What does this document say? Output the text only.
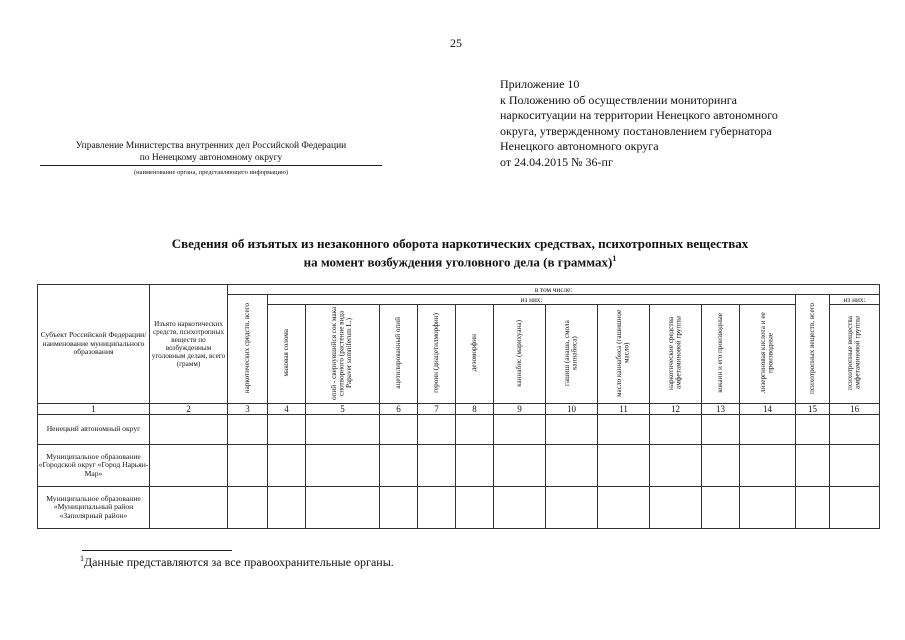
25
Приложение 10
к Положению об осуществлении мониторинга
наркоситуации на территории Ненецкого автономного
округа, утвержденному постановлением губернатора
Ненецкого автономного округа
от 24.04.2015 № 36-пг
Управление Министерства внутренних дел Российской Федерации
по Ненецкому автономному округу
(наименование органа, представляющего информацию)
Сведения об изъятых из незаконного оборота наркотических средствах, психотропных веществах
на момент возбуждения уголовного дела (в граммах)$^1$
Субъект Российской Федерации/ наименование муниципального образования	Изъято наркотических средств, психотропных веществ по возбужденным уголовным делам, всего (грамм)	в том числе:														
		наркотических средств, всего	из них:											психотропных веществ, всего	из них:	
			маковая солома	опий - свернувшийся сок мака снотворного (растение вида Papaver somniferum L.)	ацетилированный опий	героин (диацетилморфин)	дезоморфин	каннабис (марихуана)	гашиш (анаша, смола каннабиса)	масло каннабиса (гашишное масло)	наркотические средства амфетаминовой группы	кокаин и его производные	лизергиновая кислота и ее производные		психотропные вещества амфетаминовой группы	
1	2	3	4	5	6	7	8	9	10	11	12	13	14	15	16	
Ненецкий автономный округ																
Муниципальное образование «Городской округ «Город Нарьян-Мар»																
Муниципальное образование «Муниципальный район «Заполярный район»																
$^1$Данные представляются за все правоохранительные органы.
